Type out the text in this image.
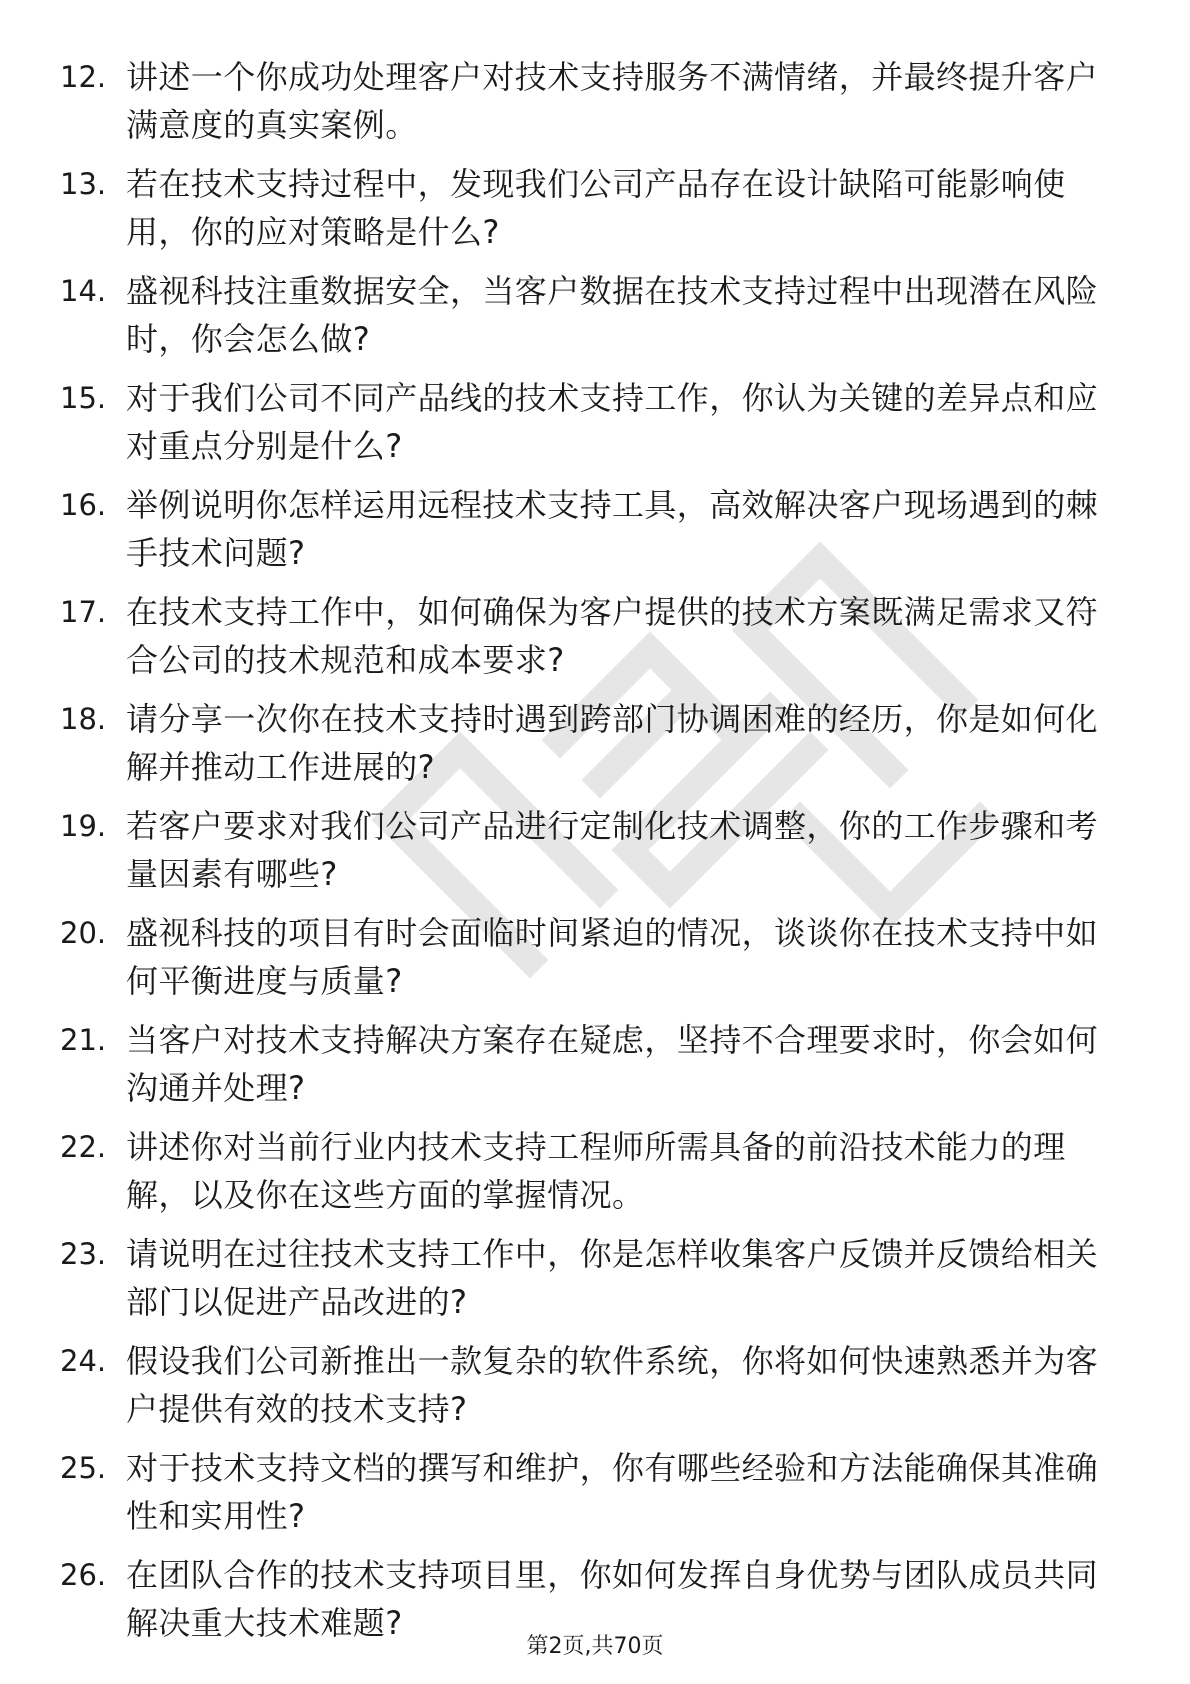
12. 讲述一个你成功处理客户对技术支持服务不满情绪，并最终提升客户满意度的真实案例。
13. 若在技术支持过程中，发现我们公司产品存在设计缺陷可能影响使用，你的应对策略是什么?
14. 盛视科技注重数据安全，当客户数据在技术支持过程中出现潜在风险时，你会怎么做?
15. 对于我们公司不同产品线的技术支持工作，你认为关键的差异点和应对重点分别是什么?
16. 举例说明你怎样运用远程技术支持工具，高效解决客户现场遇到的棘手技术问题?
17. 在技术支持工作中，如何确保为客户提供的技术方案既满足需求又符合公司的技术规范和成本要求?
18. 请分享一次你在技术支持时遇到跨部门协调困难的经历，你是如何化解并推动工作进展的?
19. 若客户要求对我们公司产品进行定制化技术调整，你的工作步骤和考量因素有哪些?
20. 盛视科技的项目有时会面临时间紧迫的情况，谈谈你在技术支持中如何平衡进度与质量?
21. 当客户对技术支持解决方案存在疑虑，坚持不合理要求时，你会如何沟通并处理?
22. 讲述你对当前行业内技术支持工程师所需具备的前沿技术能力的理解，以及你在这些方面的掌握情况。
23. 请说明在过往技术支持工作中，你是怎样收集客户反馈并反馈给相关部门以促进产品改进的?
24. 假设我们公司新推出一款复杂的软件系统，你将如何快速熟悉并为客户提供有效的技术支持?
25. 对于技术支持文档的撰写和维护，你有哪些经验和方法能确保其准确性和实用性?
26. 在团队合作的技术支持项目里，你如何发挥自身优势与团队成员共同解决重大技术难题?
第2页,共70页
